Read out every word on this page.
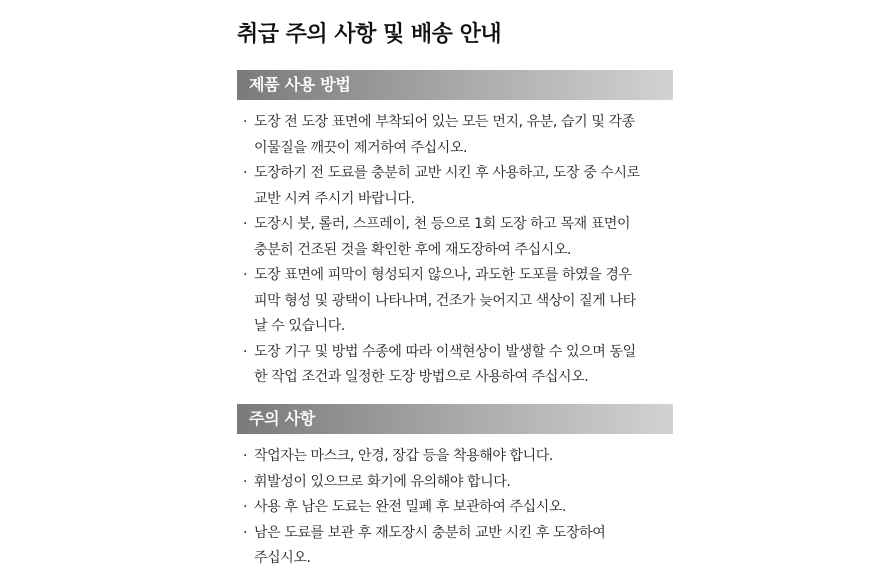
취급 주의 사항 및 배송 안내
제품 사용 방법
· 도장 전 도장 표면에 부착되어 있는 모든 먼지, 유분, 습기 및 각종
이물질을 깨끗이 제거하여 주십시오.
· 도장하기 전 도료를 충분히 교반 시킨 후 사용하고, 도장 중 수시로
교반 시켜 주시기 바랍니다.
· 도장시 붓, 롤러, 스프레이, 천 등으로 1회 도장 하고 목재 표면이
충분히 건조된 것을 확인한 후에 재도장하여 주십시오.
· 도장 표면에 피막이 형성되지 않으나, 과도한 도포를 하였을 경우
피막 형성 및 광택이 나타나며, 건조가 늦어지고 색상이 짙게 나타
날 수 있습니다.
· 도장 기구 및 방법 수종에 따라 이색현상이 발생할 수 있으며 동일
한 작업 조건과 일정한 도장 방법으로 사용하여 주십시오.
주의 사항
· 작업자는 마스크, 안경, 장갑 등을 착용해야 합니다.
· 휘발성이 있으므로 화기에 유의해야 합니다.
· 사용 후 남은 도료는 완전 밀폐 후 보관하여 주십시오.
· 남은 도료를 보관 후 재도장시 충분히 교반 시킨 후 도장하여
주십시오.
